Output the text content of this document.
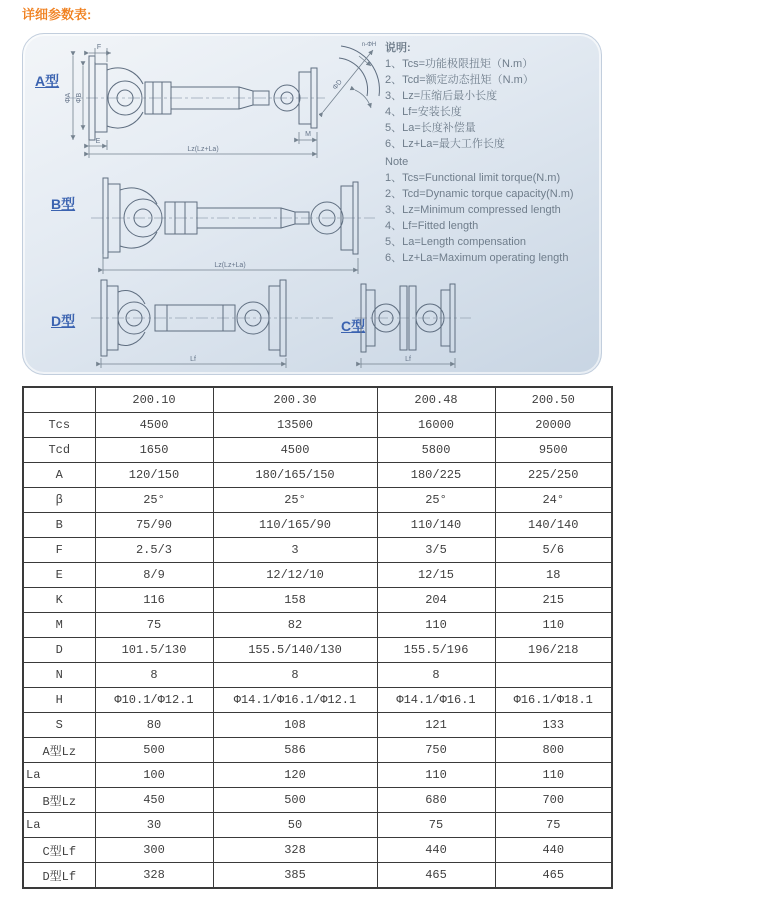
详细参数表:
A型
B型
D型	C型
F
ΦA ΦB
E
M
Lz(Lz+La)
ΦD
n-ΦH
Lz(Lz+La)
Lf	Lf
说明:
1、Tcs=功能极限扭矩（N.m）
2、Tcd=额定动态扭矩（N.m）
3、Lz=压缩后最小长度
4、Lf=安装长度
5、La=长度补偿量
6、Lz+La=最大工作长度
Note
1、Tcs=Functional limit torque(N.m)
2、Tcd=Dynamic torque capacity(N.m)
3、Lz=Minimum compressed length
4、Lf=Fitted length
5、La=Length compensation
6、Lz+La=Maximum operating length
	200.10	200.30	200.48	200.50
Tcs	4500	13500	16000	20000
Tcd	1650	4500	5800	9500
A	120/150	180/165/150	180/225	225/250
β	25°	25°	25°	24°
B	75/90	110/165/90	110/140	140/140
F	2.5/3	3	3/5	5/6
E	8/9	12/12/10	12/15	18
K	116	158	204	215
M	75	82	110	110
D	101.5/130	155.5/140/130	155.5/196	196/218
N	8	8	8	
H	Φ10.1/Φ12.1	Φ14.1/Φ16.1/Φ12.1	Φ14.1/Φ16.1	Φ16.1/Φ18.1
S	80	108	121	133
A型Lz	500	586	750	800
La	100	120	110	110
B型Lz	450	500	680	700
La	30	50	75	75
C型Lf	300	328	440	440
D型Lf	328	385	465	465
